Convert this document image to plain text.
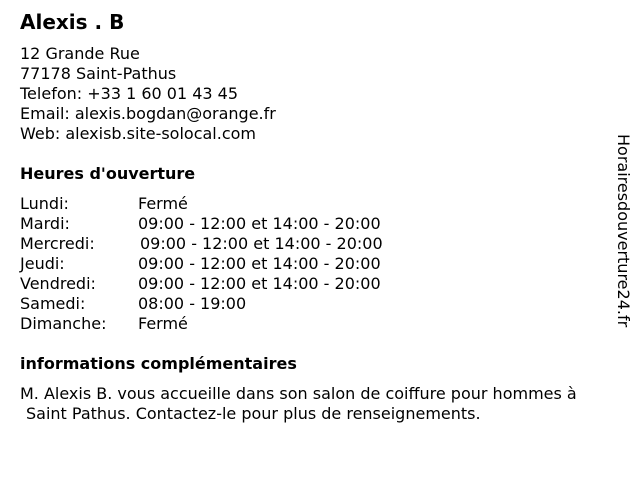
Alexis . B
12 Grande Rue
77178 Saint-Pathus
Telefon: +33 1 60 01 43 45
Email: alexis.bogdan@orange.fr
Web: alexisb.site-solocal.com
Heures d'ouverture
Lundi:	Fermé
Mardi:	09:00 - 12:00 et 14:00 - 20:00
Mercredi:	09:00 - 12:00 et 14:00 - 20:00
Jeudi:	09:00 - 12:00 et 14:00 - 20:00
Vendredi:	09:00 - 12:00 et 14:00 - 20:00
Samedi:	08:00 - 19:00
Dimanche: Fermé
informations complémentaires
M. Alexis B. vous accueille dans son salon de coiffure pour hommes à
Saint Pathus. Contactez-le pour plus de renseignements.
Horairesdouverture24.fr
